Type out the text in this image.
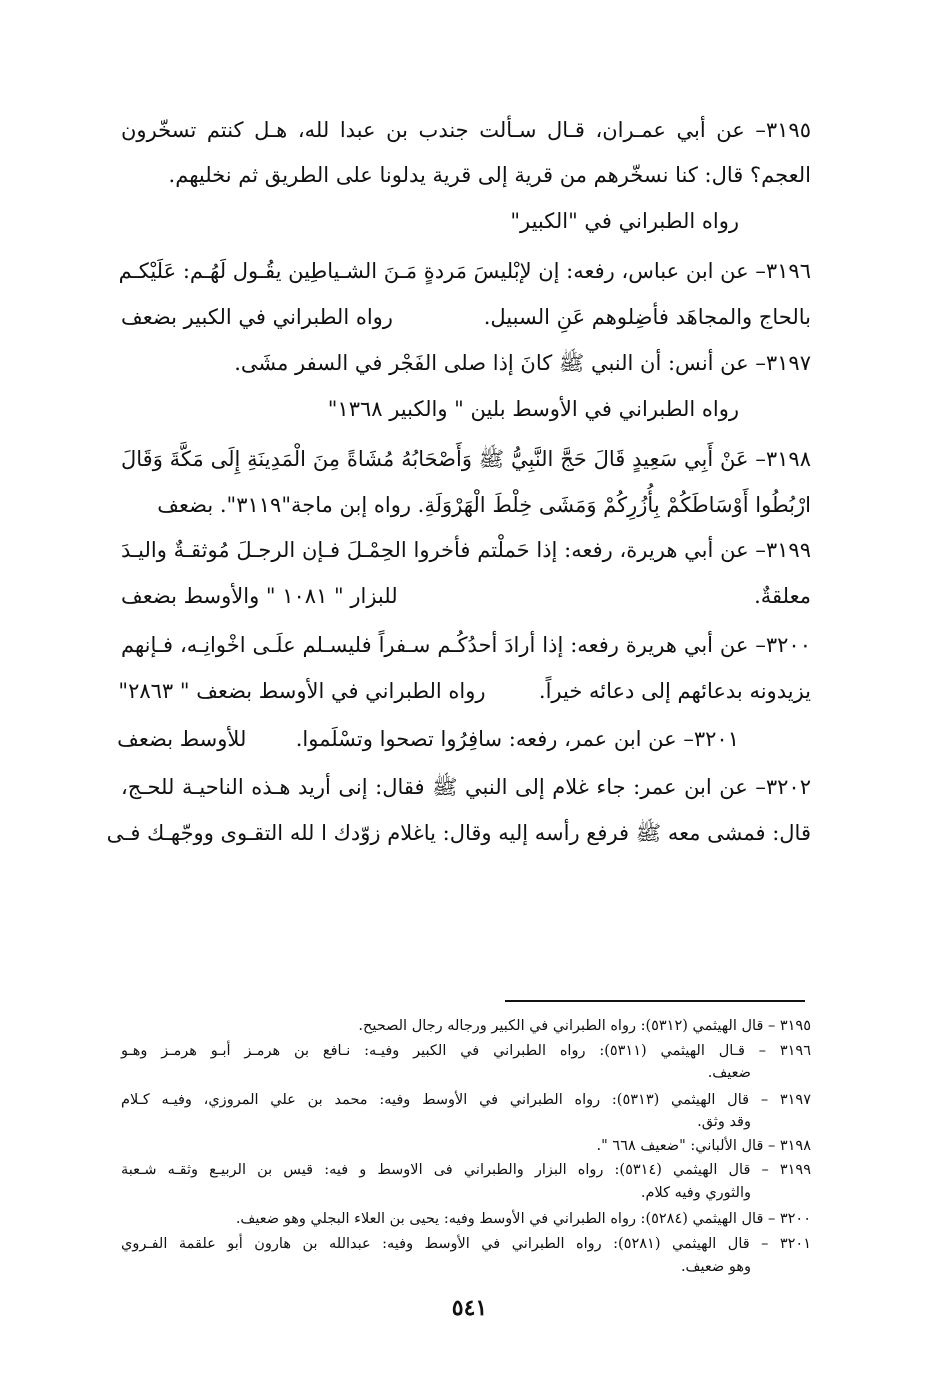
٣١٩٥– عن أبي عمـران، قـال سـألت جندب بن عبدا لله، هـل كنتم تسخّرون
العجم؟ قال: كنا نسخّرهم من قرية إلى قرية يدلونا على الطريق ثم نخليهم.
رواه الطبراني في "الكبير"
٣١٩٦– عن ابن عباس، رفعه: إن لإبْليسَ مَردةٍ مَـنَ الشـياطِين يقُـول لَهُـم: عَلَيْكـم
بالحاج والمجاهَد فأضِلوهم عَنِ السبيل.
رواه الطبراني في الكبير بضعف
٣١٩٧– عن أنس: أن النبي ﷺ كانَ إذا صلى الفَجْر في السفر مشَى.
رواه الطبراني في الأوسط بلين " والكبير ١٣٦٨"
٣١٩٨– عَنْ أَبِي سَعِيدٍ قَالَ حَجَّ النَّبِيُّ ﷺ وَأَصْحَابُهُ مُشَاةً مِنَ الْمَدِينَةِ إِلَى مَكَّةَ وَقَالَ
ارْبُطُوا أَوْسَاطَكُمْ بِأُزُرِكُمْ وَمَشَى خِلْطَ الْهَرْوَلَةِ. رواه إبن ماجة"٣١١٩". بضعف
٣١٩٩– عن أبي هريرة، رفعه: إذا حَملْتم فأخروا الحِمْـلَ فـإن الرجـلَ مُوثقـةٌ واليـدَ
معلقةٌ.
للبزار " ١٠٨١ " والأوسط بضعف
٣٢٠٠– عن أبي هريرة رفعه: إذا أرادَ أحدُكُـم سـفراً فليسـلم علَـى اخْوانِـه، فـإنهم
يزيدونه بدعائهم إلى دعائه خيراً.  رواه الطبراني في الأوسط بضعف " ٢٨٦٣"
٣٢٠١– عن ابن عمر، رفعه: سافِرُوا تصحوا وتسْلَموا.  للأوسط بضعف
٣٢٠٢– عن ابن عمر: جاء غلام إلى النبي ﷺ فقال: إنى أريد هـذه الناحيـة للحـج،
قال: فمشى معه ﷺ فرفع رأسه إليه وقال: ياغلام زوّدك ا لله التقـوى ووجّهـك فـى
٣١٩٥ – قال الهيثمي (٥٣١٢): رواه الطبراني في الكبير ورجاله رجال الصحيح.
٣١٩٦ – قـال الهيثمي (٥٣١١): رواه الطبراني في الكبير وفيـه: نـافع بن هرمـز أبـو هرمـز وهـو
ضعيف.
٣١٩٧ – قال الهيثمي (٥٣١٣): رواه الطبراني في الأوسط وفيه: محمد بن علي المروزي، وفيـه كـلام
وقد وثق.
٣١٩٨ – قال الألباني: "ضعيف ٦٦٨ ".
٣١٩٩ – قال الهيثمي (٥٣١٤): رواه البزار والطبراني فى الاوسط و فيه: قيس بن الربيـع وثقـه شـعبة
والثوري وفيه كلام.
٣٢٠٠ – قال الهيثمي (٥٢٨٤): رواه الطبراني في الأوسط وفيه: يحيى بن العلاء البجلي وهو ضعيف.
٣٢٠١ – قال الهيثمي (٥٢٨١): رواه الطبراني في الأوسط وفيه: عبدالله بن هارون أبو علقمة الفـروي
وهو ضعيف.
٥٤١
